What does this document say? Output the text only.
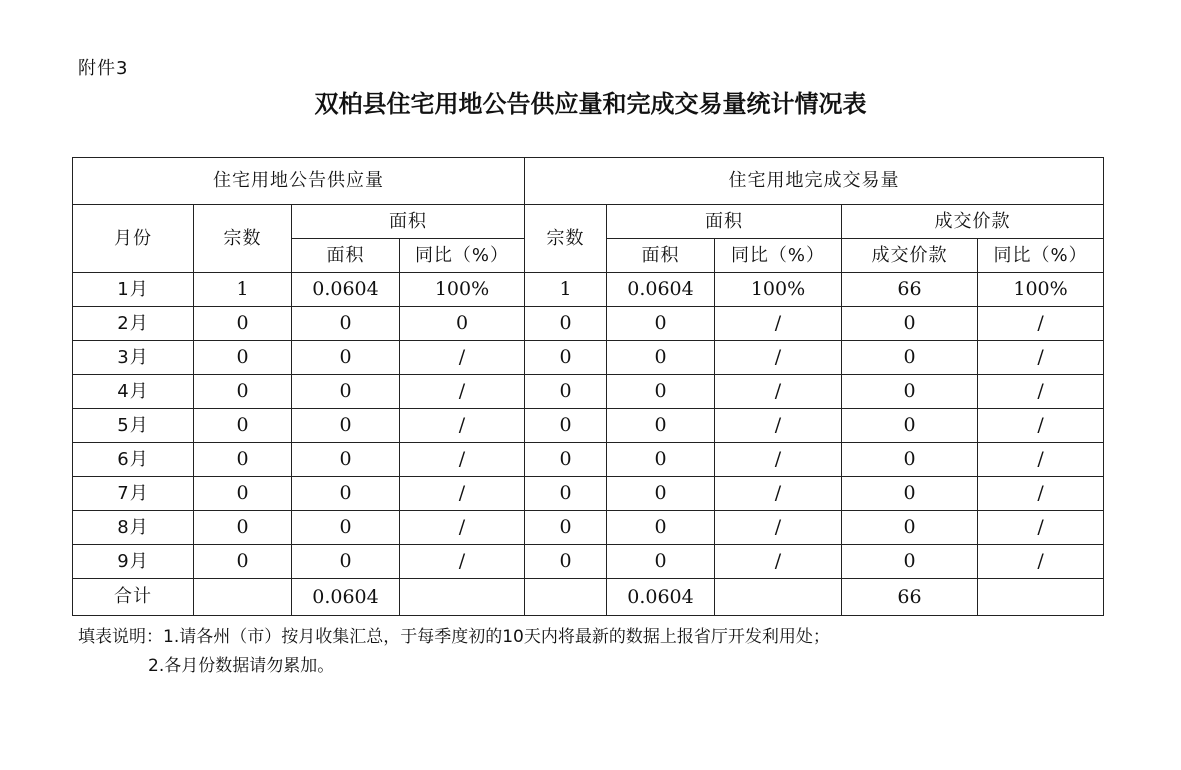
附件3
双柏县住宅用地公告供应量和完成交易量统计情况表
住宅用地公告供应量				住宅用地完成交易量				
月份	宗数	面积		宗数	面积		成交价款	
		面积	同比（%）		面积	同比（%）	成交价款	同比（%）
1月	1	0.0604	100%	1	0.0604	100%	66	100%
2月	0	0	0	0	0	/	0	/
3月	0	0	/	0	0	/	0	/
4月	0	0	/	0	0	/	0	/
5月	0	0	/	0	0	/	0	/
6月	0	0	/	0	0	/	0	/
7月	0	0	/	0	0	/	0	/
8月	0	0	/	0	0	/	0	/
9月	0	0	/	0	0	/	0	/
合计		0.0604			0.0604		66	
填表说明：1.请各州（市）按月收集汇总，于每季度初的10天内将最新的数据上报省厅开发利用处；
2.各月份数据请勿累加。
